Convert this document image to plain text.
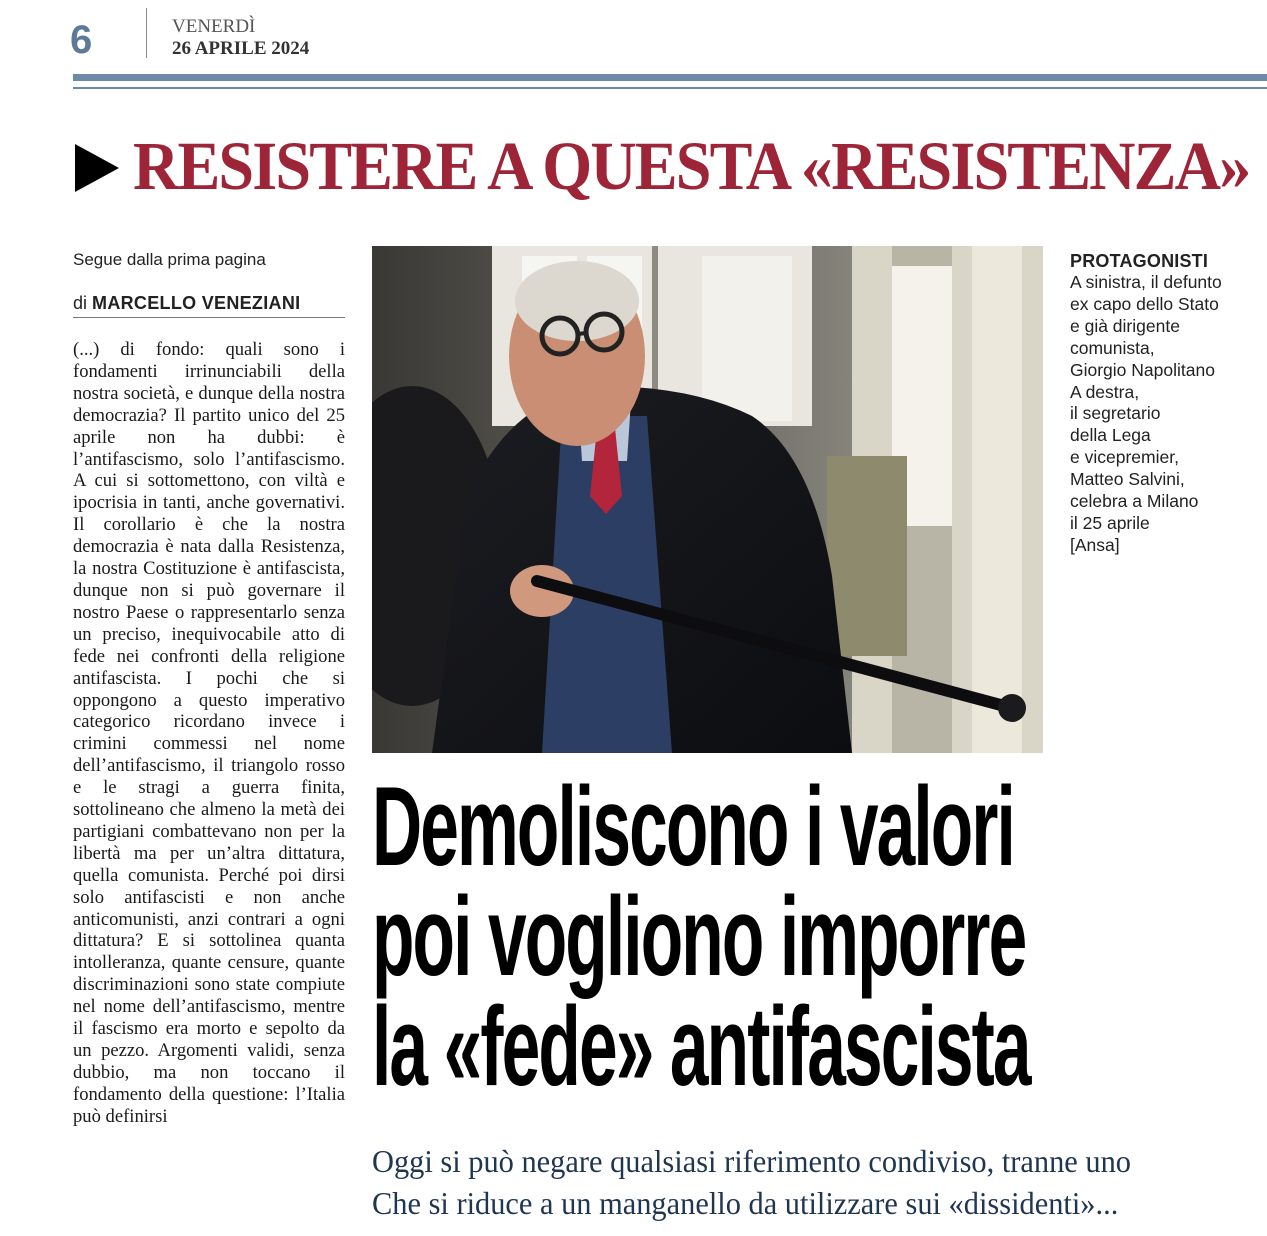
6	VENERDÌ
26 APRILE 2024
RESISTERE A QUESTA «RESISTENZA»
Segue dalla prima pagina
di MARCELLO VENEZIANI

(...) di fondo: quali sono i fondamenti irrinunciabili della nostra società, e dunque della nostra democrazia? Il partito unico del 25 aprile non ha dubbi: è l’antifascismo, solo l’antifascismo. A cui si sottomettono, con viltà e ipocrisia in tanti, anche governativi. Il corollario è che la nostra democrazia è nata dalla Resistenza, la nostra Costituzione è antifascista, dunque non si può governare il nostro Paese o rappresentarlo senza un preciso, inequivocabile atto di fede nei confronti della religione antifascista. I pochi che si oppongono a questo imperativo categorico ricordano invece i crimini commessi nel nome dell’antifascismo, il triangolo rosso e le stragi a guerra finita, sottolineano che almeno la metà dei partigiani combattevano non per la libertà ma per un’altra dittatura, quella comunista. Perché poi dirsi solo antifascisti e non anche anticomunisti, anzi contrari a ogni dittatura? E si sottolinea quanta intolleranza, quante censure, quante discriminazioni sono state compiute nel nome dell’antifascismo, mentre il fascismo era morto e sepolto da un pezzo. Argomenti validi, senza dubbio, ma non toccano il fondamento della questione: l’Italia può definirsi

PROTAGONISTI
A sinistra, il defunto
ex capo dello Stato
e già dirigente
comunista,
Giorgio Napolitano
A destra,
il segretario
della Lega
e vicepremier,
Matteo Salvini,
celebra a Milano
il 25 aprile
[Ansa]
Demoliscono i valori
poi vogliono imporre
la «fede» antifascista
Oggi si può negare qualsiasi riferimento condiviso, tranne uno
Che si riduce a un manganello da utilizzare sui «dissidenti»...
